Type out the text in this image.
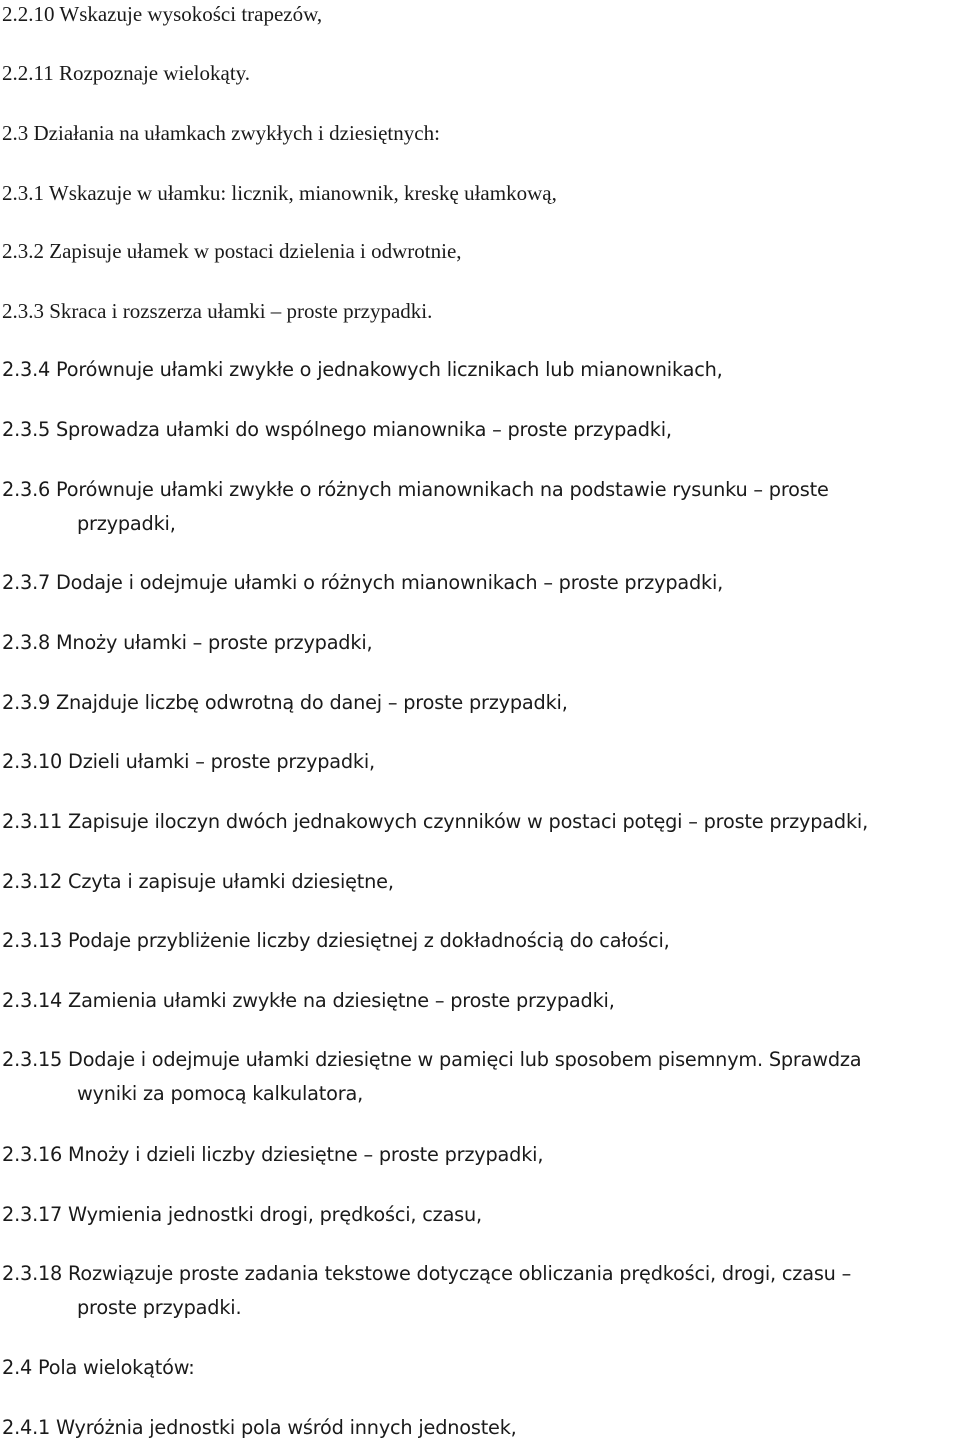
2.2.10 Wskazuje wysokości trapezów,
2.2.11 Rozpoznaje wielokąty.
2.3 Działania na ułamkach zwykłych i dziesiętnych:
2.3.1 Wskazuje w ułamku: licznik, mianownik, kreskę ułamkową,
2.3.2 Zapisuje ułamek w postaci dzielenia i odwrotnie,
2.3.3 Skraca i rozszerza ułamki – proste przypadki.
2.3.4 Porównuje ułamki zwykłe o jednakowych licznikach lub mianownikach,
2.3.5 Sprowadza ułamki do wspólnego mianownika – proste przypadki,
2.3.6 Porównuje ułamki zwykłe o różnych mianownikach na podstawie rysunku – proste
przypadki,
2.3.7 Dodaje i odejmuje ułamki o różnych mianownikach – proste przypadki,
2.3.8 Mnoży ułamki – proste przypadki,
2.3.9 Znajduje liczbę odwrotną do danej – proste przypadki,
2.3.10 Dzieli ułamki – proste przypadki,
2.3.11 Zapisuje iloczyn dwóch jednakowych czynników w postaci potęgi – proste przypadki,
2.3.12 Czyta i zapisuje ułamki dziesiętne,
2.3.13 Podaje przybliżenie liczby dziesiętnej z dokładnością do całości,
2.3.14 Zamienia ułamki zwykłe na dziesiętne – proste przypadki,
2.3.15 Dodaje i odejmuje ułamki dziesiętne w pamięci lub sposobem pisemnym. Sprawdza
wyniki za pomocą kalkulatora,
2.3.16 Mnoży i dzieli liczby dziesiętne – proste przypadki,
2.3.17 Wymienia jednostki drogi, prędkości, czasu,
2.3.18 Rozwiązuje proste zadania tekstowe dotyczące obliczania prędkości, drogi, czasu –
proste przypadki.
2.4 Pola wielokątów:
2.4.1 Wyróżnia jednostki pola wśród innych jednostek,
